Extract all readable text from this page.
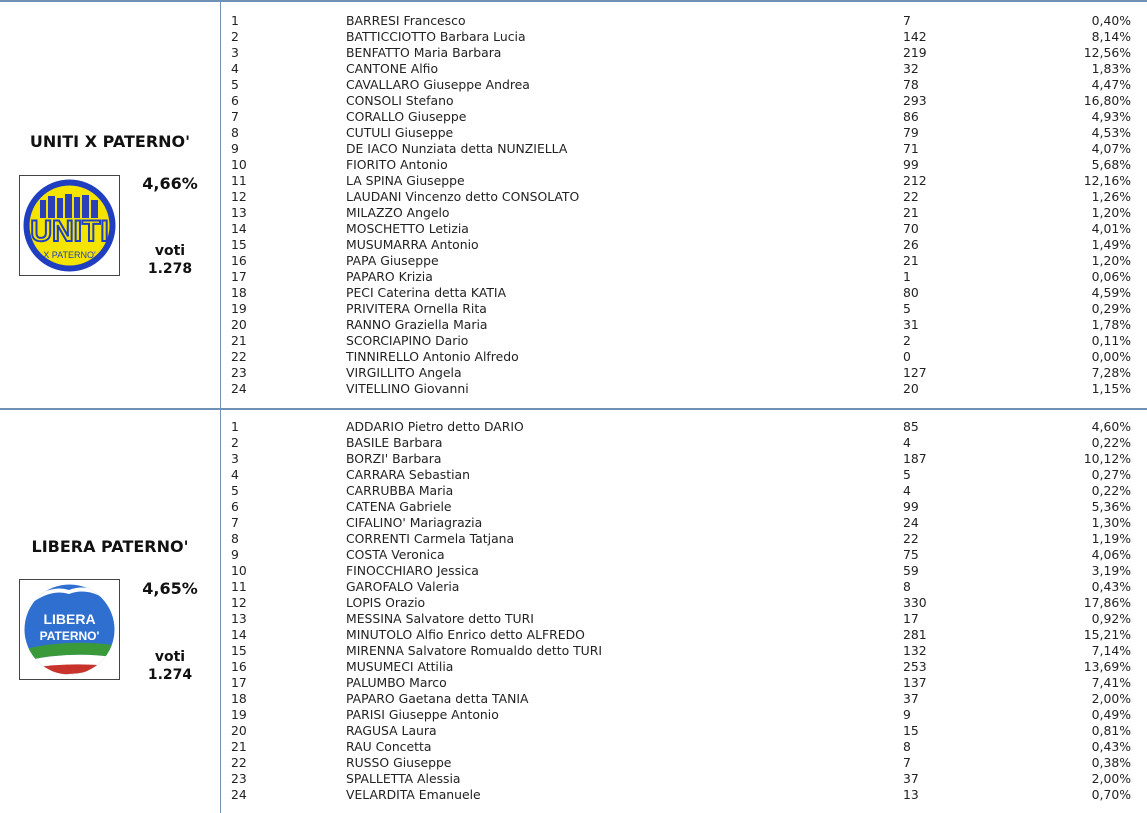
UNITI X PATERNO'
UNITI
X PATERNO'
4,66%
voti
1.278
1	BARRESI Francesco	7	0,40%
2	BATTICCIOTTO Barbara Lucia	142	8,14%
3	BENFATTO Maria Barbara	219	12,56%
4	CANTONE Alfio	32	1,83%
5	CAVALLARO Giuseppe Andrea	78	4,47%
6	CONSOLI Stefano	293	16,80%
7	CORALLO Giuseppe	86	4,93%
8	CUTULI Giuseppe	79	4,53%
9	DE IACO Nunziata detta NUNZIELLA	71	4,07%
10	FIORITO Antonio	99	5,68%
11	LA SPINA Giuseppe	212	12,16%
12	LAUDANI Vincenzo detto CONSOLATO	22	1,26%
13	MILAZZO Angelo	21	1,20%
14	MOSCHETTO Letizia	70	4,01%
15	MUSUMARRA Antonio	26	1,49%
16	PAPA Giuseppe	21	1,20%
17	PAPARO Krizia	1	0,06%
18	PECI Caterina detta KATIA	80	4,59%
19	PRIVITERA Ornella Rita	5	0,29%
20	RANNO Graziella Maria	31	1,78%
21	SCORCIAPINO Dario	2	0,11%
22	TINNIRELLO Antonio Alfredo	0	0,00%
23	VIRGILLITO Angela	127	7,28%
24	VITELLINO Giovanni	20	1,15%
LIBERA PATERNO'
LIBERA
PATERNO'
4,65%
voti
1.274
1	ADDARIO Pietro detto DARIO	85	4,60%
2	BASILE Barbara	4	0,22%
3	BORZI' Barbara	187	10,12%
4	CARRARA Sebastian	5	0,27%
5	CARRUBBA Maria	4	0,22%
6	CATENA Gabriele	99	5,36%
7	CIFALINO' Mariagrazia	24	1,30%
8	CORRENTI Carmela Tatjana	22	1,19%
9	COSTA Veronica	75	4,06%
10	FINOCCHIARO Jessica	59	3,19%
11	GAROFALO Valeria	8	0,43%
12	LOPIS Orazio	330	17,86%
13	MESSINA Salvatore detto TURI	17	0,92%
14	MINUTOLO Alfio Enrico detto ALFREDO	281	15,21%
15	MIRENNA Salvatore Romualdo detto TURI	132	7,14%
16	MUSUMECI Attilia	253	13,69%
17	PALUMBO Marco	137	7,41%
18	PAPARO Gaetana detta TANIA	37	2,00%
19	PARISI Giuseppe Antonio	9	0,49%
20	RAGUSA Laura	15	0,81%
21	RAU Concetta	8	0,43%
22	RUSSO Giuseppe	7	0,38%
23	SPALLETTA Alessia	37	2,00%
24	VELARDITA Emanuele	13	0,70%
